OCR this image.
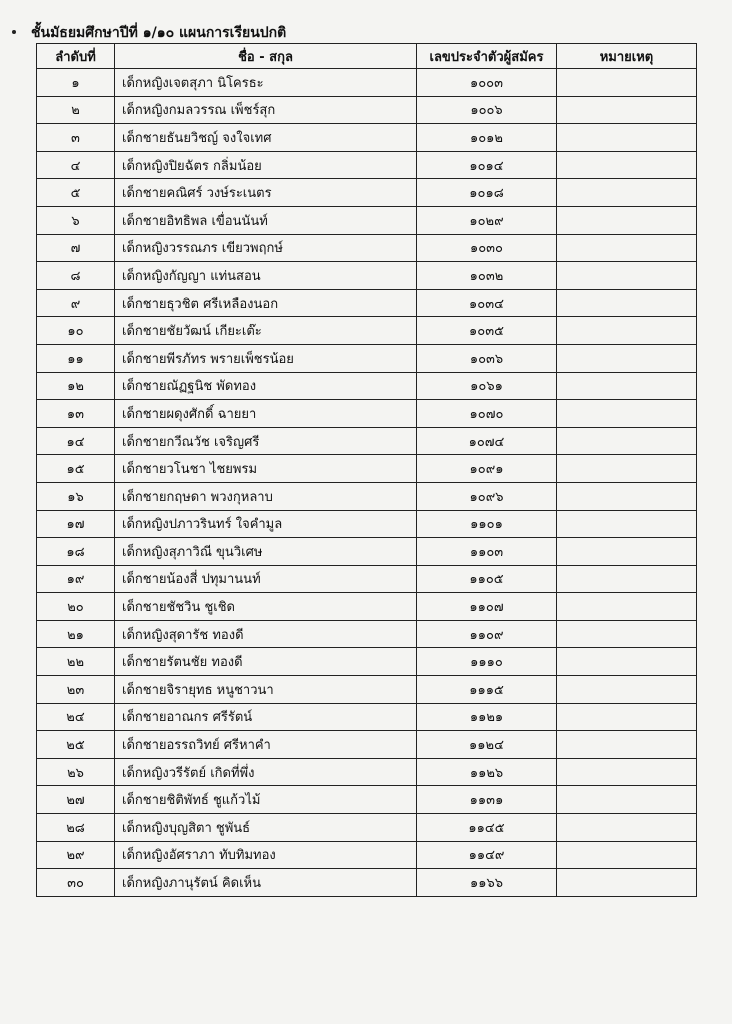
ชั้นมัธยมศึกษาปีที่ ๑/๑๐ แผนการเรียนปกติ
ลำดับที่	ชื่อ - สกุล	เลขประจำตัวผู้สมัคร	หมายเหตุ
๑	เด็กหญิงเจตสุภา นิโครธะ	๑๐๐๓	
๒	เด็กหญิงกมลวรรณ เพ็ชร์สุก	๑๐๐๖	
๓	เด็กชายธันยวิชญ์ จงใจเทศ	๑๐๑๒	
๔	เด็กหญิงปิยฉัตร กลิ่มน้อย	๑๐๑๔	
๕	เด็กชายคณิศร์ วงษ์ระเนตร	๑๐๑๘	
๖	เด็กชายอิทธิพล เขื่อนนันท์	๑๐๒๙	
๗	เด็กหญิงวรรณภร เขียวพฤกษ์	๑๐๓๐	
๘	เด็กหญิงกัญญา แท่นสอน	๑๐๓๒	
๙	เด็กชายธุวชิต ศรีเหลืองนอก	๑๐๓๔	
๑๐	เด็กชายชัยวัฒน์ เกียะเต๊ะ	๑๐๓๕	
๑๑	เด็กชายพีรภัทร พรายเพ็ชรน้อย	๑๐๓๖	
๑๒	เด็กชายณัฏฐนิช พัดทอง	๑๐๖๑	
๑๓	เด็กชายผดุงศักดิ์ ฉายยา	๑๐๗๐	
๑๔	เด็กชายกวีณวัช เจริญศรี	๑๐๗๔	
๑๕	เด็กชายวโนชา ไชยพรม	๑๐๙๑	
๑๖	เด็กชายกฤษดา พวงกุหลาบ	๑๐๙๖	
๑๗	เด็กหญิงปภาวรินทร์ ใจคำมูล	๑๑๐๑	
๑๘	เด็กหญิงสุภาวิณี ขุนวิเศษ	๑๑๐๓	
๑๙	เด็กชายน้องสี่ ปทุมานนท์	๑๑๐๕	
๒๐	เด็กชายชัชวิน ชูเชิด	๑๑๐๗	
๒๑	เด็กหญิงสุดารัช ทองดี	๑๑๐๙	
๒๒	เด็กชายรัตนชัย ทองดี	๑๑๑๐	
๒๓	เด็กชายจิรายุทธ หนูชาวนา	๑๑๑๕	
๒๔	เด็กชายอาณกร ศรีรัตน์	๑๑๒๑	
๒๕	เด็กชายอรรถวิทย์ ศรีหาคำ	๑๑๒๔	
๒๖	เด็กหญิงวรีรัตย์ เกิดที่พึ่ง	๑๑๒๖	
๒๗	เด็กชายชิติพัทธ์ ชูแก้วไม้	๑๑๓๑	
๒๘	เด็กหญิงบุญสิตา ชูพันธ์	๑๑๔๕	
๒๙	เด็กหญิงอัศราภา ทับทิมทอง	๑๑๔๙	
๓๐	เด็กหญิงภานุรัตน์ คิดเห็น	๑๑๖๖	
